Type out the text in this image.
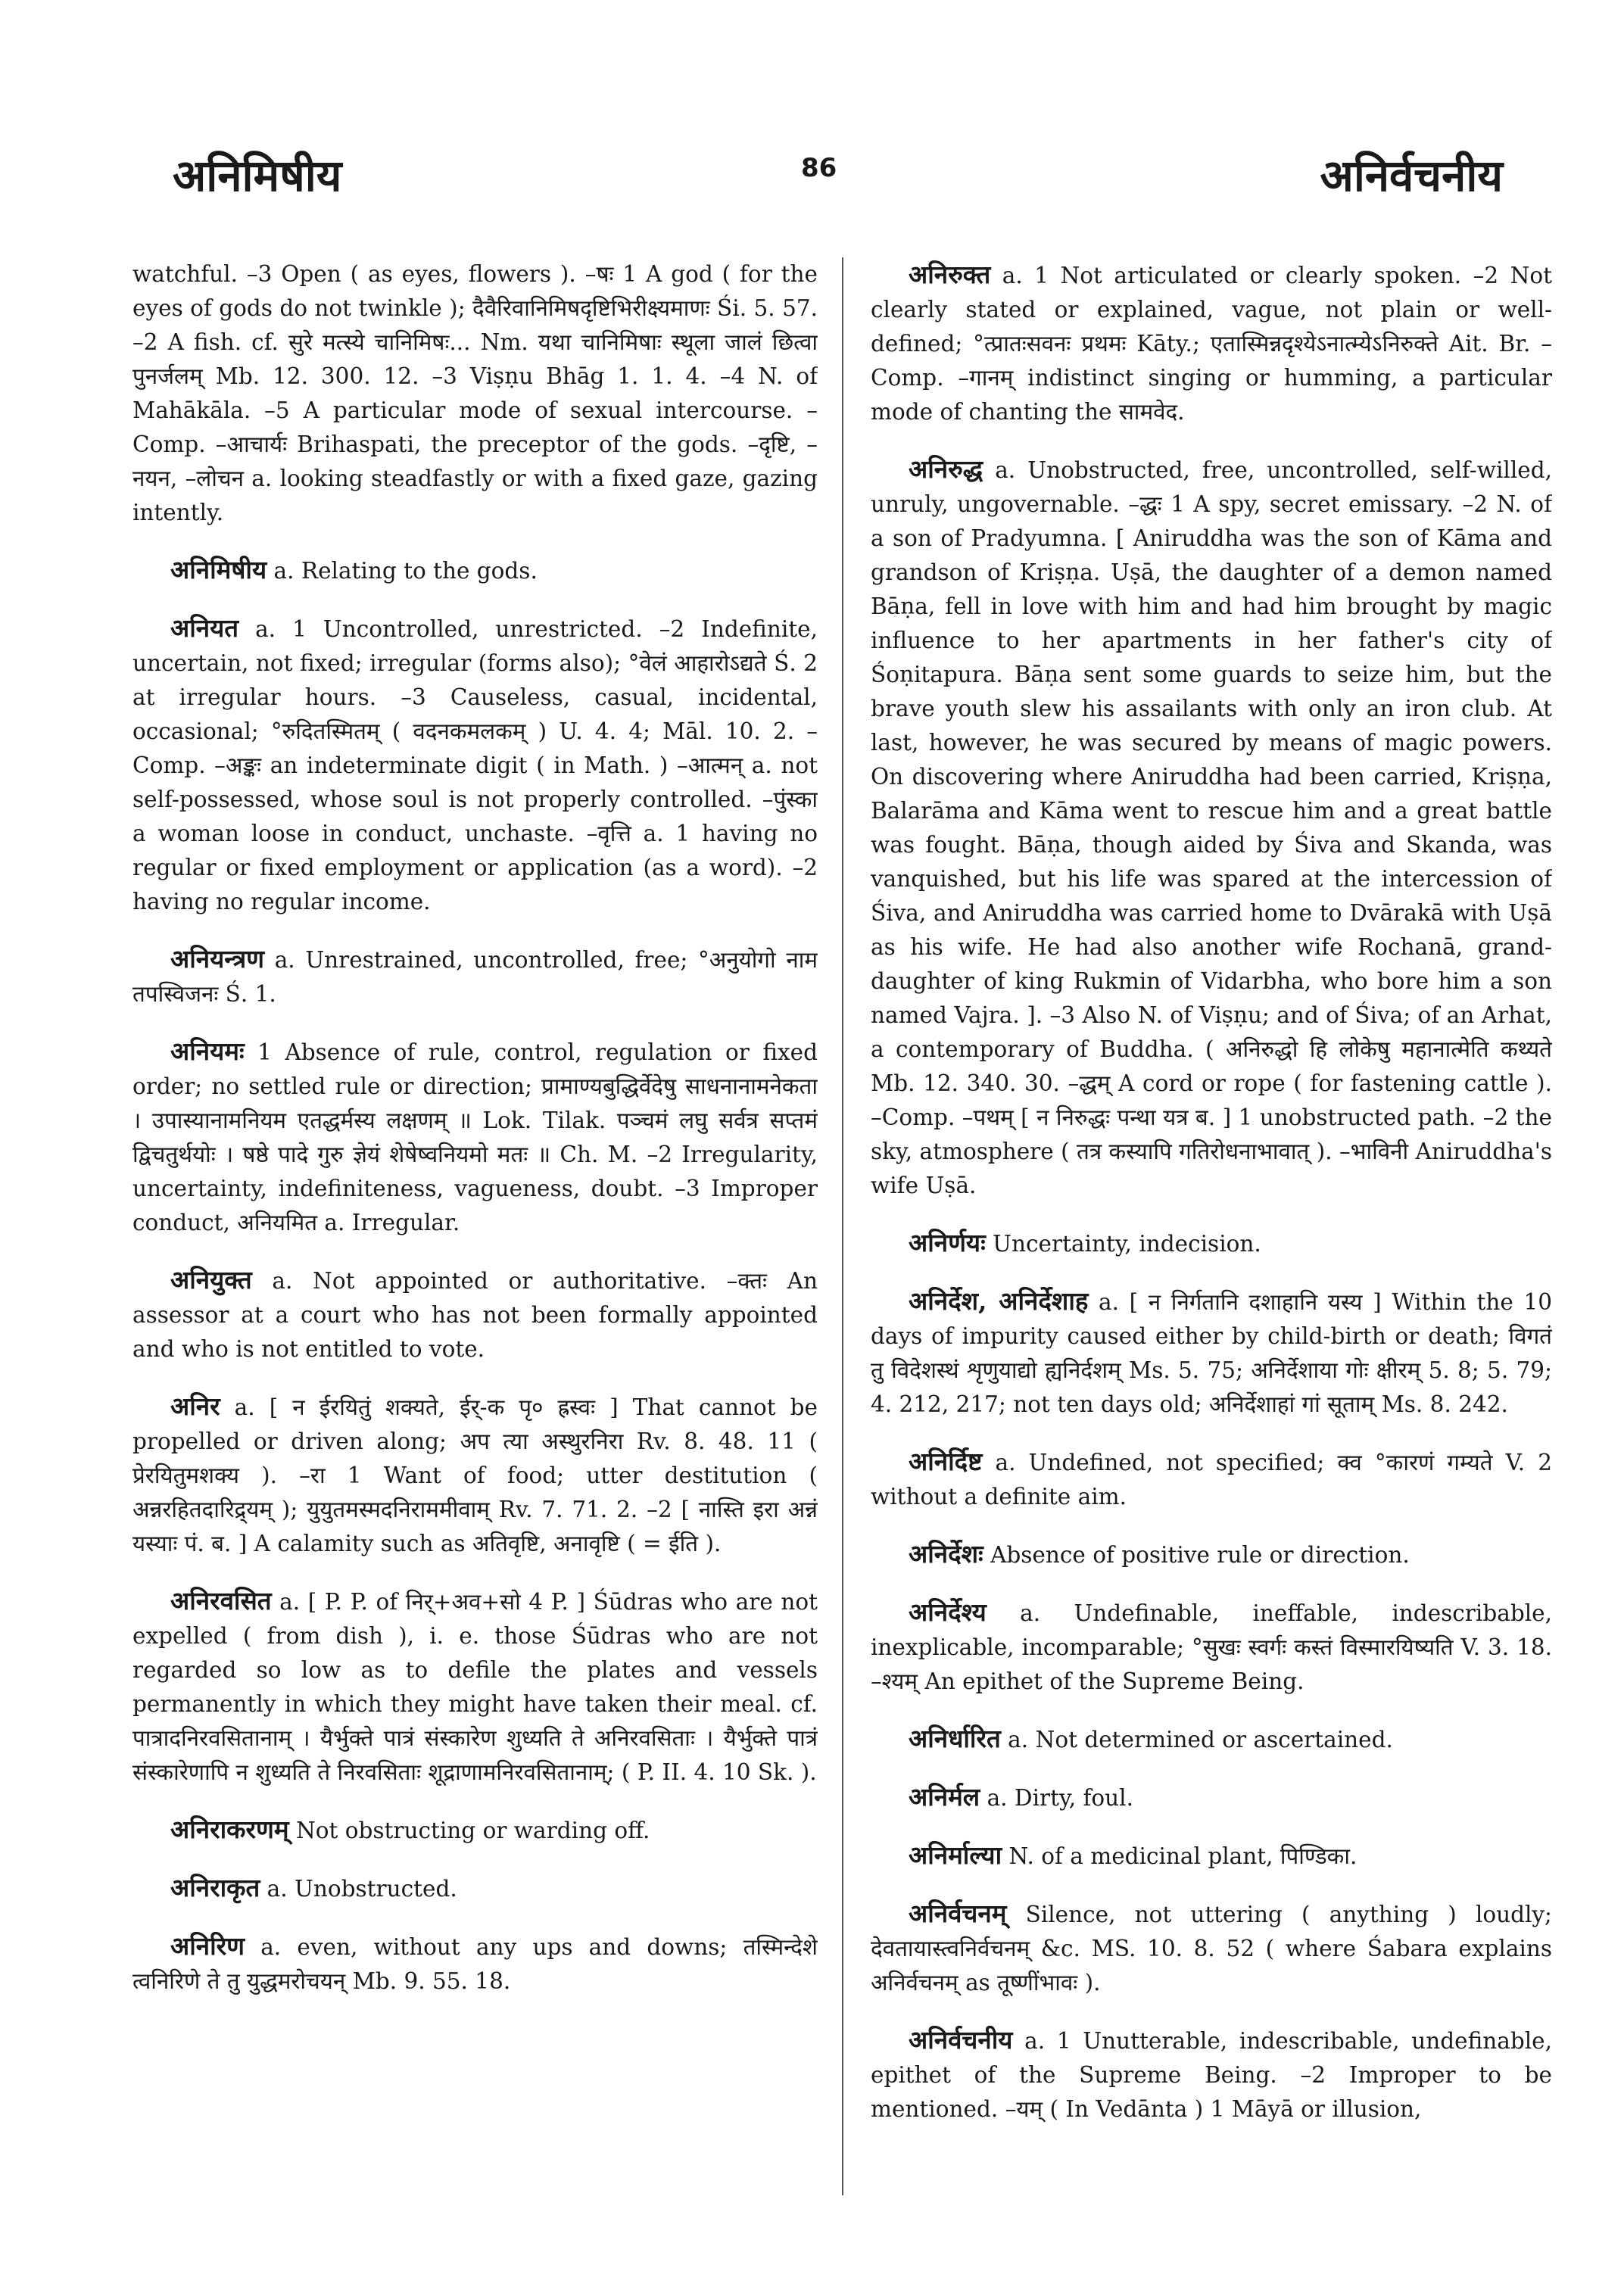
अनिमिषीय	86	अनिर्वचनीय

watchful. –3 Open ( as eyes, flowers ). –षः 1 A god ( for the eyes of gods do not twinkle ); दैवैरिवानिमिषदृष्टिभिरीक्ष्यमाणः Śi. 5. 57. –2 A fish. cf. सुरे मत्स्ये चानिमिषः... Nm. यथा चानिमिषाः स्थूला जालं छित्वा पुनर्जलम् Mb. 12. 300. 12. –3 Viṣṇu Bhāg 1. 1. 4. –4 N. of Mahākāla. –5 A particular mode of sexual intercourse. –Comp. –आचार्यः Brihaspati, the preceptor of the gods. –दृष्टि, –नयन, –लोचन a. looking steadfastly or with a fixed gaze, gazing intently.

अनिमिषीय a. Relating to the gods.

अनियत a. 1 Uncontrolled, unrestricted. –2 Indefinite, uncertain, not fixed; irregular (forms also); °वेलं आहारोऽद्यते Ś. 2 at irregular hours. –3 Causeless, casual, incidental, occasional; °रुदितस्मितम् ( वदनकमलकम् ) U. 4. 4; Māl. 10. 2. –Comp. –अङ्कः an indeterminate digit ( in Math. ) –आत्मन् a. not self-possessed, whose soul is not properly controlled. –पुंस्का a woman loose in conduct, unchaste. –वृत्ति a. 1 having no regular or fixed employment or application (as a word). –2 having no regular income.

अनियन्त्रण a. Unrestrained, uncontrolled, free; °अनुयोगो नाम तपस्विजनः Ś. 1.

अनियमः 1 Absence of rule, control, regulation or fixed order; no settled rule or direction; प्रामाण्यबुद्धिर्वेदेषु साधनानामनेकता । उपास्यानामनियम एतद्धर्मस्य लक्षणम् ॥ Lok. Tilak. पञ्चमं लघु सर्वत्र सप्तमं द्विचतुर्थयोः । षष्ठे पादे गुरु ज्ञेयं शेषेष्वनियमो मतः ॥ Ch. M. –2 Irregularity, uncertainty, indefiniteness, vagueness, doubt. –3 Improper conduct, अनियमित a. Irregular.

अनियुक्त a. Not appointed or authoritative. –क्तः An assessor at a court who has not been formally appointed and who is not entitled to vote.

अनिर a. [ न ईरयितुं शक्यते, ईर्-क पृ० ह्रस्वः ] That cannot be propelled or driven along; अप त्या अस्थुरनिरा Rv. 8. 48. 11 ( प्रेरयितुमशक्य ). –रा 1 Want of food; utter destitution ( अन्नरहितदारिद्र्यम् ); युयुतमस्मदनिराममीवाम् Rv. 7. 71. 2. –2 [ नास्ति इरा अन्नं यस्याः पं. ब. ] A calamity such as अतिवृष्टि, अनावृष्टि ( = ईति ).

अनिरवसित a. [ P. P. of निर्+अव+सो 4 P. ] Śūdras who are not expelled ( from dish ), i. e. those Śūdras who are not regarded so low as to defile the plates and vessels permanently in which they might have taken their meal. cf. पात्रादनिरवसितानाम् । यैर्भुक्ते पात्रं संस्कारेण शुध्यति ते अनिरवसिताः । यैर्भुक्ते पात्रं संस्कारेणापि न शुध्यति ते निरवसिताः शूद्राणामनिरवसितानाम्; ( P. II. 4. 10 Sk. ).

अनिराकरणम् Not obstructing or warding off.

अनिराकृत a. Unobstructed.

अनिरिण a. even, without any ups and downs; तस्मिन्देशे त्वनिरिणे ते तु युद्धमरोचयन् Mb. 9. 55. 18.

अनिरुक्त a. 1 Not articulated or clearly spoken. –2 Not clearly stated or explained, vague, not plain or well-defined; °त्प्रातःसवनः प्रथमः Kāty.; एतास्मिन्नदृश्येऽनात्म्येऽनिरुक्ते Ait. Br. –Comp. –गानम् indistinct singing or humming, a particular mode of chanting the सामवेद.

अनिरुद्ध a. Unobstructed, free, uncontrolled, self-willed, unruly, ungovernable. –द्धः 1 A spy, secret emissary. –2 N. of a son of Pradyumna. [ Aniruddha was the son of Kāma and grandson of Kriṣṇa. Uṣā, the daughter of a demon named Bāṇa, fell in love with him and had him brought by magic influence to her apartments in her father's city of Śoṇitapura. Bāṇa sent some guards to seize him, but the brave youth slew his assailants with only an iron club. At last, however, he was secured by means of magic powers. On discovering where Aniruddha had been carried, Kriṣṇa, Balarāma and Kāma went to rescue him and a great battle was fought. Bāṇa, though aided by Śiva and Skanda, was vanquished, but his life was spared at the intercession of Śiva, and Aniruddha was carried home to Dvārakā with Uṣā as his wife. He had also another wife Rochanā, grand-daughter of king Rukmin of Vidarbha, who bore him a son named Vajra. ]. –3 Also N. of Viṣṇu; and of Śiva; of an Arhat, a contemporary of Buddha. ( अनिरुद्धो हि लोकेषु महानात्मेति कथ्यते Mb. 12. 340. 30. –द्धम् A cord or rope ( for fastening cattle ). –Comp. –पथम् [ न निरुद्धः पन्था यत्र ब. ] 1 unobstructed path. –2 the sky, atmosphere ( तत्र कस्यापि गतिरोधनाभावात् ). –भाविनी Aniruddha's wife Uṣā.

अनिर्णयः Uncertainty, indecision.

अनिर्देश, अनिर्देशाह a. [ न निर्गतानि दशाहानि यस्य ] Within the 10 days of impurity caused either by child-birth or death; विगतं तु विदेशस्थं शृणुयाद्यो ह्यनिर्दशम् Ms. 5. 75; अनिर्देशाया गोः क्षीरम् 5. 8; 5. 79; 4. 212, 217; not ten days old; अनिर्देशाहां गां सूताम् Ms. 8. 242.

अनिर्दिष्ट a. Undefined, not specified; क्व °कारणं गम्यते V. 2 without a definite aim.

अनिर्देशः Absence of positive rule or direction.

अनिर्देश्य a. Undefinable, ineffable, indescribable, inexplicable, incomparable; °सुखः स्वर्गः कस्तं विस्मारयिष्यति V. 3. 18. –श्यम् An epithet of the Supreme Being.

अनिर्धारित a. Not determined or ascertained.

अनिर्मल a. Dirty, foul.

अनिर्माल्या N. of a medicinal plant, पिण्डिका.

अनिर्वचनम् Silence, not uttering ( anything ) loudly; देवतायास्त्वनिर्वचनम् &c. MS. 10. 8. 52 ( where Śabara explains अनिर्वचनम् as तूष्णींभावः ).

अनिर्वचनीय a. 1 Unutterable, indescribable, undefinable, epithet of the Supreme Being. –2 Improper to be mentioned. –यम् ( In Vedānta ) 1 Māyā or illusion,
